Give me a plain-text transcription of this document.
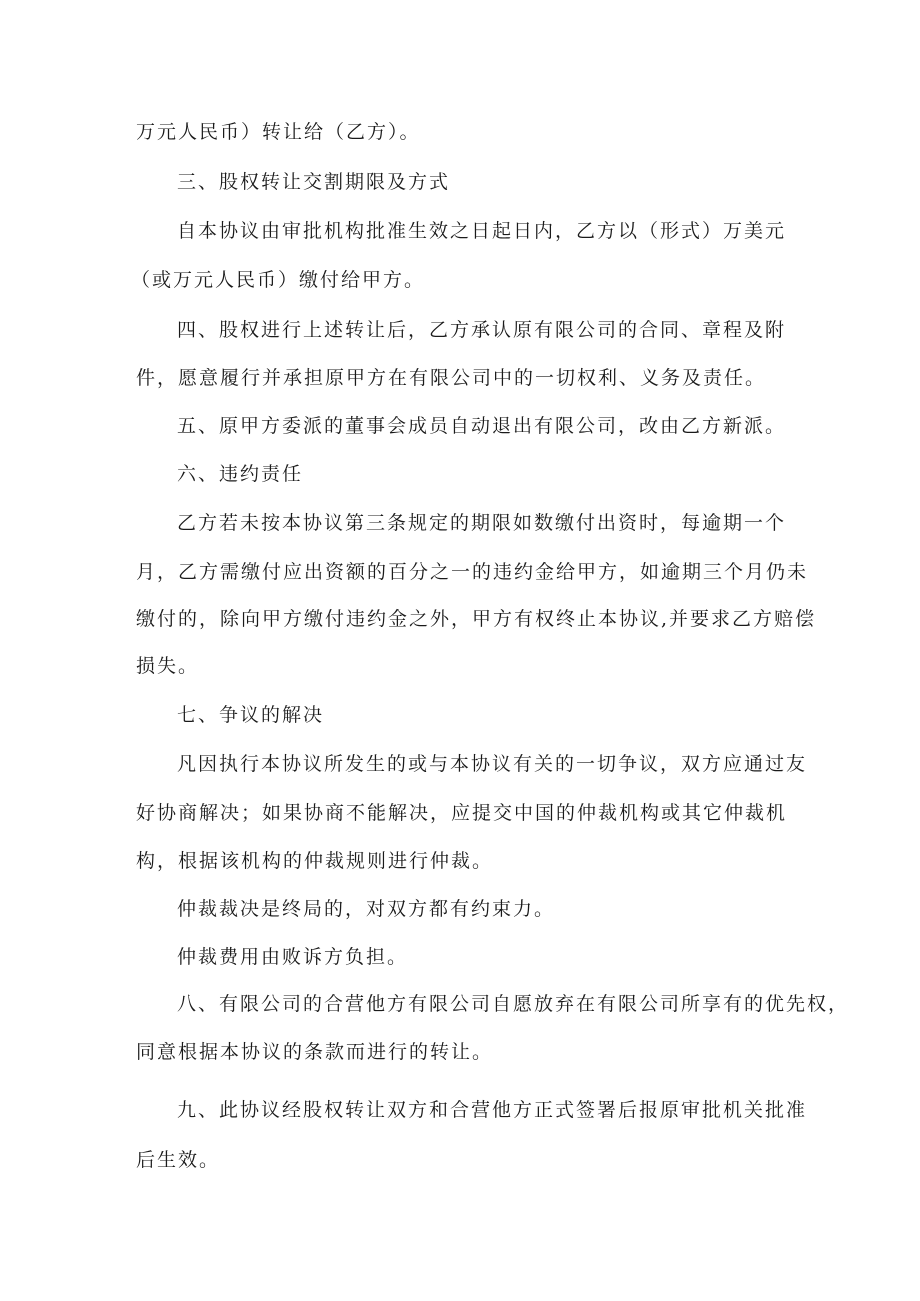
万元人民币）转让给（乙方）。
三、股权转让交割期限及方式
自本协议由审批机构批准生效之日起日内，乙方以（形式）万美元
（或万元人民币）缴付给甲方。
四、股权进行上述转让后，乙方承认原有限公司的合同、章程及附
件，愿意履行并承担原甲方在有限公司中的一切权利、义务及责任。
五、原甲方委派的董事会成员自动退出有限公司，改由乙方新派。
六、违约责任
乙方若未按本协议第三条规定的期限如数缴付出资时，每逾期一个
月，乙方需缴付应出资额的百分之一的违约金给甲方，如逾期三个月仍未
缴付的，除向甲方缴付违约金之外，甲方有权终止本协议,并要求乙方赔偿
损失。
七、争议的解决
凡因执行本协议所发生的或与本协议有关的一切争议，双方应通过友
好协商解决；如果协商不能解决，应提交中国的仲裁机构或其它仲裁机
构，根据该机构的仲裁规则进行仲裁。
仲裁裁决是终局的，对双方都有约束力。
仲裁费用由败诉方负担。
八、有限公司的合营他方有限公司自愿放弃在有限公司所享有的优先权，
同意根据本协议的条款而进行的转让。
九、此协议经股权转让双方和合营他方正式签署后报原审批机关批准
后生效。
